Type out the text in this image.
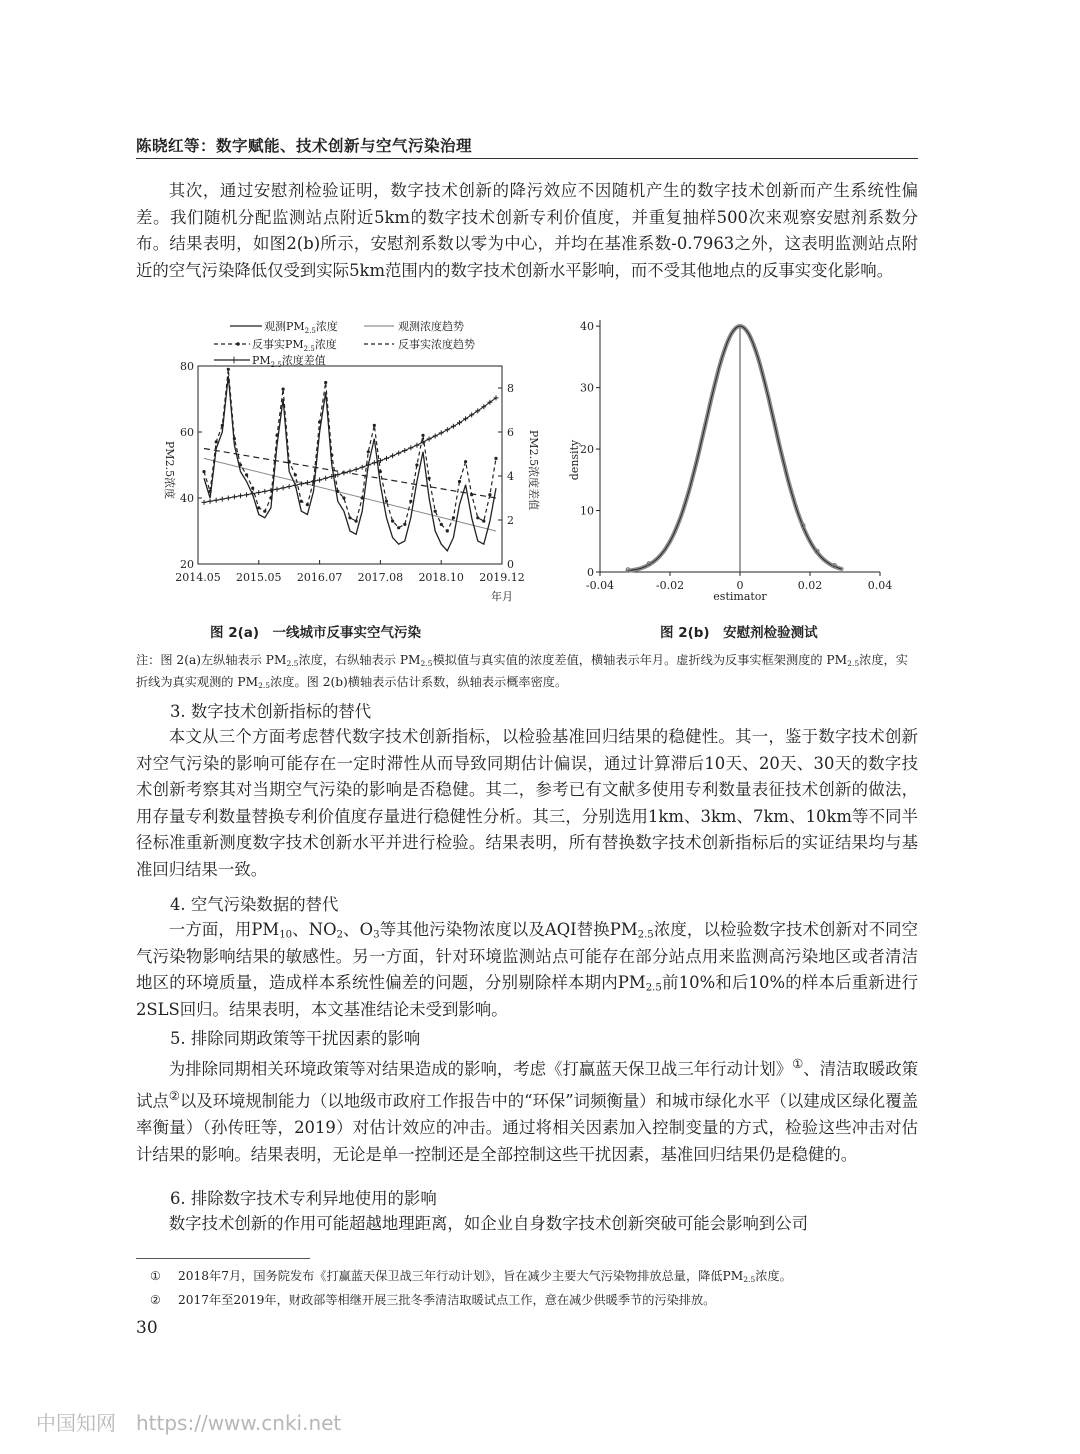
陈晓红等：数字赋能、技术创新与空气污染治理

其次，通过安慰剂检验证明，数字技术创新的降污效应不因随机产生的数字技术创新而产生系统性偏差。我们随机分配监测站点附近5km的数字技术创新专利价值度，并重复抽样500次来观察安慰剂系数分布。结果表明，如图2(b)所示，安慰剂系数以零为中心，并均在基准系数-0.7963之外，这表明监测站点附近的空气污染降低仅受到实际5km范围内的数字技术创新水平影响，而不受其他地点的反事实变化影响。

观测$PM_{2.5}$浓度	观测浓度趋势
反事实$PM_{2.5}$浓度	反事实浓度趋势
+ $PM_{2.5}$浓度差值
20
40
60
80
0
2
4
6
8
2014.05 2015.05 2016.07 2017.08 2018.10 2019.12
PM2.5浓度	PM2.5浓度差值
年月
0
10
20
30
40
-0.04	-0.02	0	0.02	0.04
density
estimator
图 2(a)　一线城市反事实空气污染	图 2(b)　安慰剂检验测试

注：图 2(a)左纵轴表示 $PM_{2.5}$浓度，右纵轴表示 $PM_{2.5}$模拟值与真实值的浓度差值，横轴表示年月。虚折线为反事实框架测度的 $PM_{2.5}$浓度，实折线为真实观测的 $PM_{2.5}$浓度。图 2(b)横轴表示估计系数，纵轴表示概率密度。

3. 数字技术创新指标的替代

本文从三个方面考虑替代数字技术创新指标，以检验基准回归结果的稳健性。其一，鉴于数字技术创新对空气污染的影响可能存在一定时滞性从而导致同期估计偏误，通过计算滞后10天、20天、30天的数字技术创新考察其对当期空气污染的影响是否稳健。其二，参考已有文献多使用专利数量表征技术创新的做法，用存量专利数量替换专利价值度存量进行稳健性分析。其三，分别选用1km、3km、7km、10km等不同半径标准重新测度数字技术创新水平并进行检验。结果表明，所有替换数字技术创新指标后的实证结果均与基准回归结果一致。

4. 空气污染数据的替代

一方面，用$PM_{10}$、$NO_2$、$O_3$等其他污染物浓度以及AQI替换$PM_{2.5}$浓度，以检验数字技术创新对不同空气污染物影响结果的敏感性。另一方面，针对环境监测站点可能存在部分站点用来监测高污染地区或者清洁地区的环境质量，造成样本系统性偏差的问题，分别剔除样本期内$PM_{2.5}$前10%和后10%的样本后重新进行2SLS回归。结果表明，本文基准结论未受到影响。

5. 排除同期政策等干扰因素的影响

为排除同期相关环境政策等对结果造成的影响，考虑《打赢蓝天保卫战三年行动计划》①、清洁取暖政策试点②以及环境规制能力（以地级市政府工作报告中的“环保”词频衡量）和城市绿化水平（以建成区绿化覆盖率衡量）（孙传旺等，2019）对估计效应的冲击。通过将相关因素加入控制变量的方式，检验这些冲击对估计结果的影响。结果表明，无论是单一控制还是全部控制这些干扰因素，基准回归结果仍是稳健的。

6. 排除数字技术专利异地使用的影响

数字技术创新的作用可能超越地理距离，如企业自身数字技术创新突破可能会影响到公司

① 2018年7月，国务院发布《打赢蓝天保卫战三年行动计划》，旨在减少主要大气污染物排放总量，降低$PM_{2.5}$浓度。

② 2017年至2019年，财政部等相继开展三批冬季清洁取暖试点工作，意在减少供暖季节的污染排放。

30
中国知网 https://www.cnki.net
